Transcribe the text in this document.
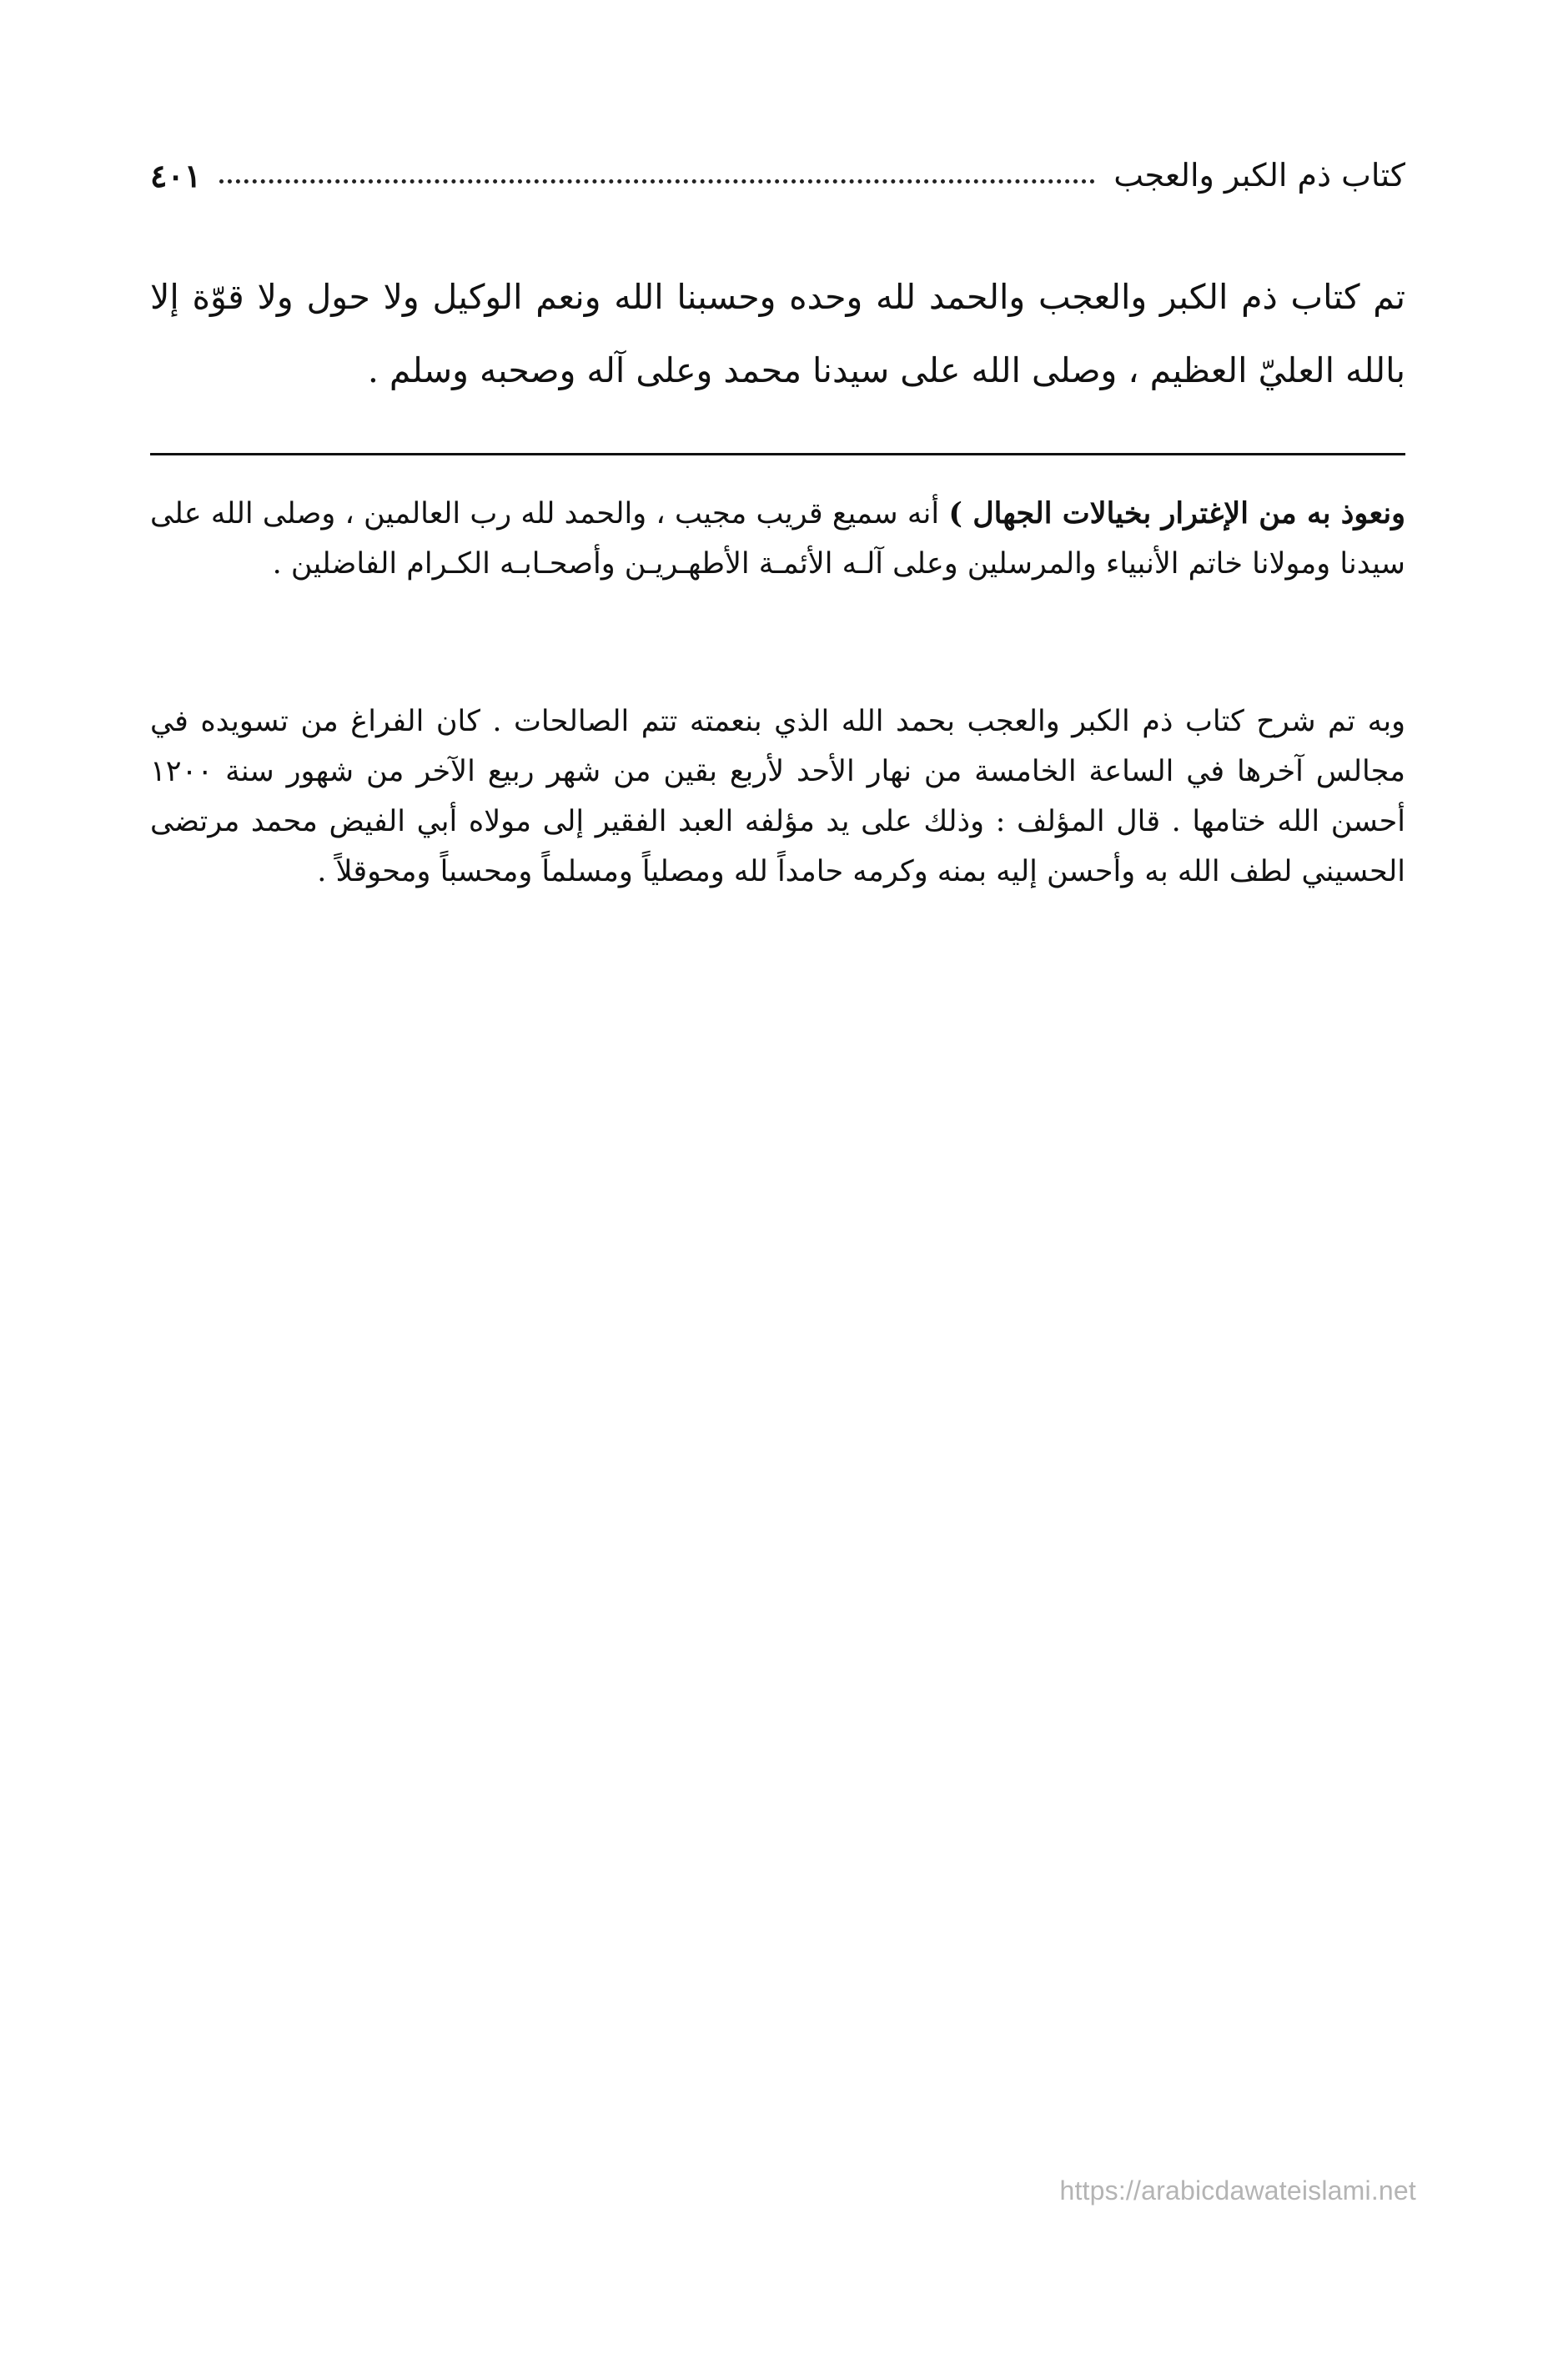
كتاب ذم الكبر والعجب
٤٠١

تم كتاب ذم الكبر والعجب والحمد لله وحده وحسبنا الله ونعم الوكيل ولا حول ولا قوّة إلا بالله العليّ العظيم ، وصلى الله على سيدنا محمد وعلى آله وصحبه وسلم .

ونعوذ به من الإغترار بخيالات الجهال ) أنه سميع قريب مجيب ، والحمد لله رب العالمين ، وصلى الله على سيدنا ومولانا خاتم الأنبياء والمرسلين وعلى آلـه الأئمـة الأطهـريـن وأصحـابـه الكـرام الفاضلين .

وبه تم شرح كتاب ذم الكبر والعجب بحمد الله الذي بنعمته تتم الصالحات . كان الفراغ من تسويده في مجالس آخرها في الساعة الخامسة من نهار الأحد لأربع بقين من شهر ربيع الآخر من شهور سنة ١٢٠٠ أحسن الله ختامها . قال المؤلف : وذلك على يد مؤلفه العبد الفقير إلى مولاه أبي الفيض محمد مرتضى الحسيني لطف الله به وأحسن إليه بمنه وكرمه حامداً لله ومصلياً ومسلماً ومحسباً ومحوقلاً .

https://arabicdawateislami.net
